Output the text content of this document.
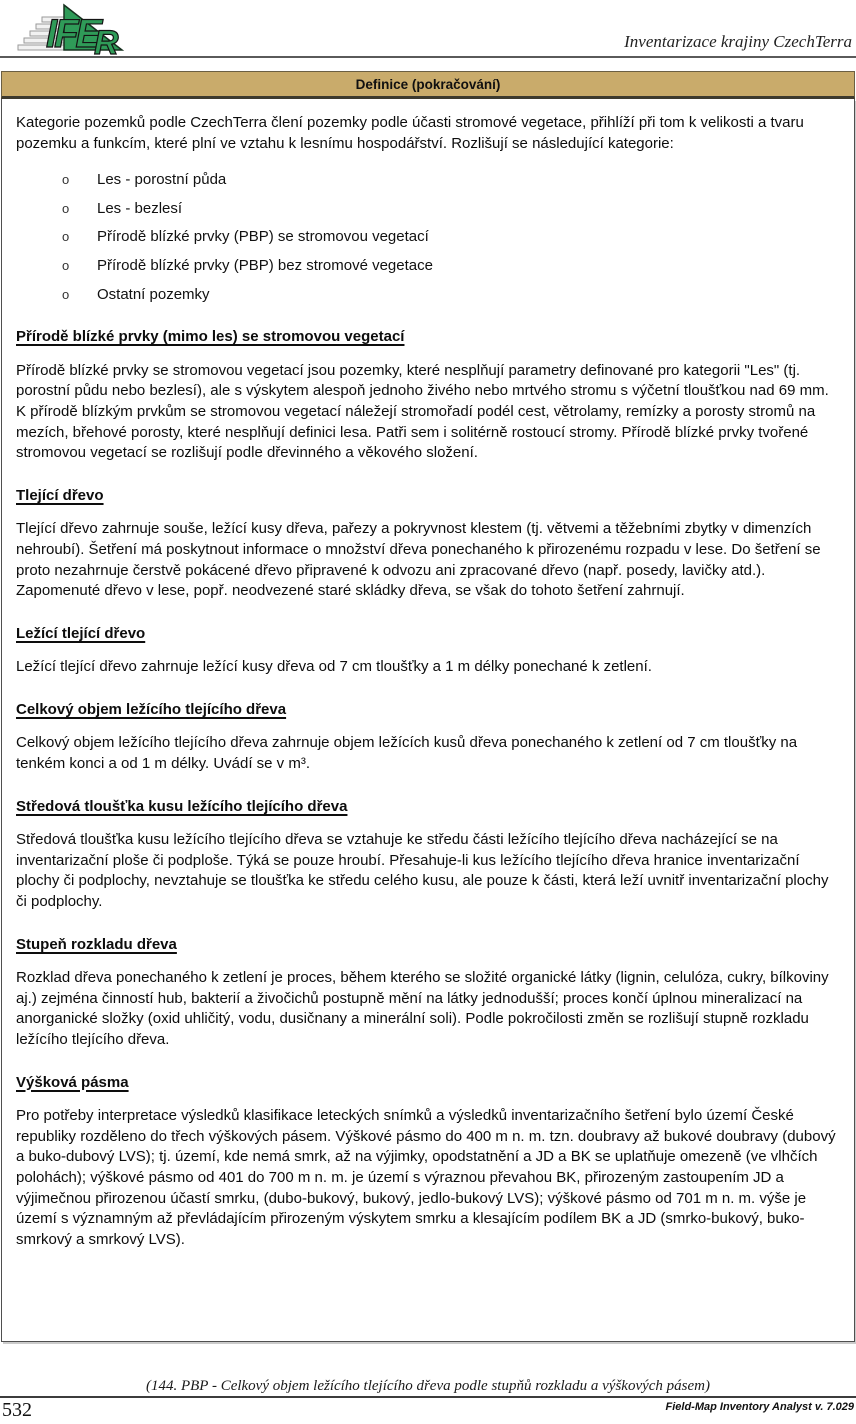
IFE
R	Inventarizace krajiny CzechTerra
Definice (pokračování)

Kategorie pozemků podle CzechTerra člení pozemky podle účasti stromové vegetace, přihlíží při tom k velikosti a tvaru pozemku a funkcím, které plní ve vztahu k lesnímu hospodářství. Rozlišují se následující kategorie:

o	Les - porostní půda
o	Les - bezlesí
o	Přírodě blízké prvky (PBP) se stromovou vegetací
o	Přírodě blízké prvky (PBP) bez stromové vegetace
o	Ostatní pozemky
Přírodě blízké prvky (mimo les) se stromovou vegetací

Přírodě blízké prvky se stromovou vegetací jsou pozemky, které nesplňují parametry definované pro kategorii "Les" (tj. porostní půdu nebo bezlesí), ale s výskytem alespoň jednoho živého nebo mrtvého stromu s výčetní tloušťkou nad 69 mm. K přírodě blízkým prvkům se stromovou vegetací náležejí stromořadí podél cest, větrolamy, remízky a porosty stromů na mezích, břehové porosty, které nesplňují definici lesa. Patři sem i solitérně rostoucí stromy. Přírodě blízké prvky tvořené stromovou vegetací se rozlišují podle dřevinného a věkového složení.

Tlející dřevo

Tlející dřevo zahrnuje souše, ležící kusy dřeva, pařezy a pokryvnost klestem (tj. větvemi a těžebními zbytky v dimenzích nehroubí). Šetření má poskytnout informace o množství dřeva ponechaného k přirozenému rozpadu v lese. Do šetření se proto nezahrnuje čerstvě pokácené dřevo připravené k odvozu ani zpracované dřevo (např. posedy, lavičky atd.). Zapomenuté dřevo v lese, popř. neodvezené staré skládky dřeva, se však do tohoto šetření zahrnují.

Ležící tlející dřevo

Ležící tlející dřevo zahrnuje ležící kusy dřeva od 7 cm tloušťky a 1 m délky ponechané k zetlení.

Celkový objem ležícího tlejícího dřeva

Celkový objem ležícího tlejícího dřeva zahrnuje objem ležících kusů dřeva ponechaného k zetlení od 7 cm tloušťky na tenkém konci a od 1 m délky. Uvádí se v m³.

Středová tloušťka kusu ležícího tlejícího dřeva

Středová tloušťka kusu ležícího tlejícího dřeva se vztahuje ke středu části ležícího tlejícího dřeva nacházející se na inventarizační ploše či podploše. Týká se pouze hroubí. Přesahuje-li kus ležícího tlejícího dřeva hranice inventarizační plochy či podplochy, nevztahuje se tloušťka ke středu celého kusu, ale pouze k části, která leží uvnitř inventarizační plochy či podplochy.

Stupeň rozkladu dřeva

Rozklad dřeva ponechaného k zetlení je proces, během kterého se složité organické látky (lignin, celulóza, cukry, bílkoviny aj.) zejména činností hub, bakterií a živočichů postupně mění na látky jednodušší; proces končí úplnou mineralizací na anorganické složky (oxid uhličitý, vodu, dusičnany a minerální soli). Podle pokročilosti změn se rozlišují stupně rozkladu ležícího tlejícího dřeva.

Výšková pásma

Pro potřeby interpretace výsledků klasifikace leteckých snímků a výsledků inventarizačního šetření bylo území České republiky rozděleno do třech výškových pásem. Výškové pásmo do 400 m n. m. tzn. doubravy až bukové doubravy (dubový a buko-dubový LVS); tj. území, kde nemá smrk, až na výjimky, opodstatnění a JD a BK se uplatňuje omezeně (ve vlhčích polohách); výškové pásmo od 401 do 700 m n. m. je území s výraznou převahou BK, přirozeným zastoupením JD a výjimečnou přirozenou účastí smrku, (dubo-bukový, bukový, jedlo-bukový LVS); výškové pásmo od 701 m n. m. výše je území s významným až převládajícím přirozeným výskytem smrku a klesajícím podílem BK a JD (smrko-bukový, buko-smrkový a smrkový LVS).

(144. PBP - Celkový objem ležícího tlejícího dřeva podle stupňů rozkladu a výškových pásem)
532	Field-Map Inventory Analyst v. 7.029
